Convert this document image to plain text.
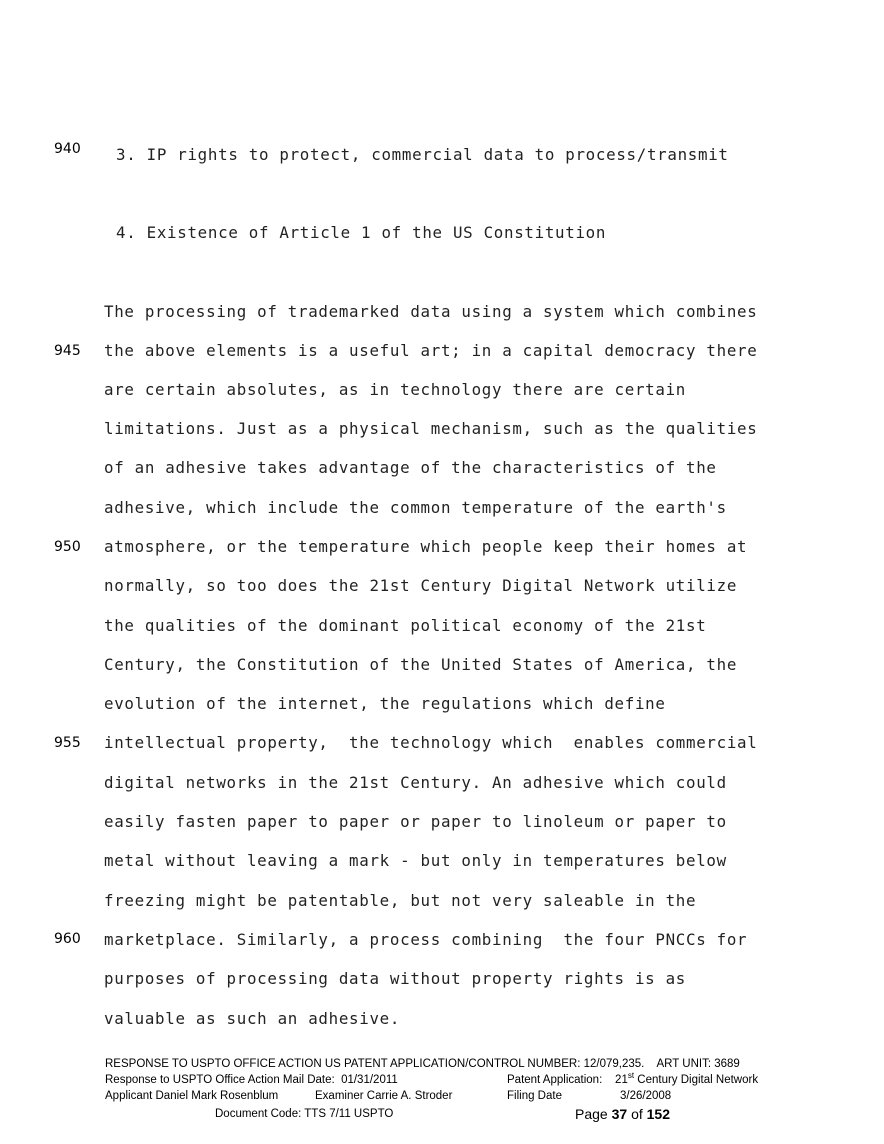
940
945
950
955
960
3. IP rights to protect, commercial data to process/transmit
4. Existence of Article 1 of the US Constitution
The processing of trademarked data using a system which combines
the above elements is a useful art; in a capital democracy there
are certain absolutes, as in technology there are certain
limitations. Just as a physical mechanism, such as the qualities
of an adhesive takes advantage of the characteristics of the
adhesive, which include the common temperature of the earth's
atmosphere, or the temperature which people keep their homes at
normally, so too does the 21st Century Digital Network utilize
the qualities of the dominant political economy of the 21st
Century, the Constitution of the United States of America, the
evolution of the internet, the regulations which define
intellectual property,  the technology which  enables commercial
digital networks in the 21st Century. An adhesive which could
easily fasten paper to paper or paper to linoleum or paper to
metal without leaving a mark - but only in temperatures below
freezing might be patentable, but not very saleable in the
marketplace. Similarly, a process combining  the four PNCCs for
purposes of processing data without property rights is as
valuable as such an adhesive.
RESPONSE TO USPTO OFFICE ACTION US PATENT APPLICATION/CONTROL NUMBER: 12/079,235.    ART UNIT: 3689
Response to USPTO Office Action Mail Date:  01/31/2011	Patent Application:    21st Century Digital Network
Applicant Daniel Mark Rosenblum	Examiner Carrie A. Stroder	Filing Date	3/26/2008
Document Code: TTS 7/11 USPTO	Page 37 of 152
